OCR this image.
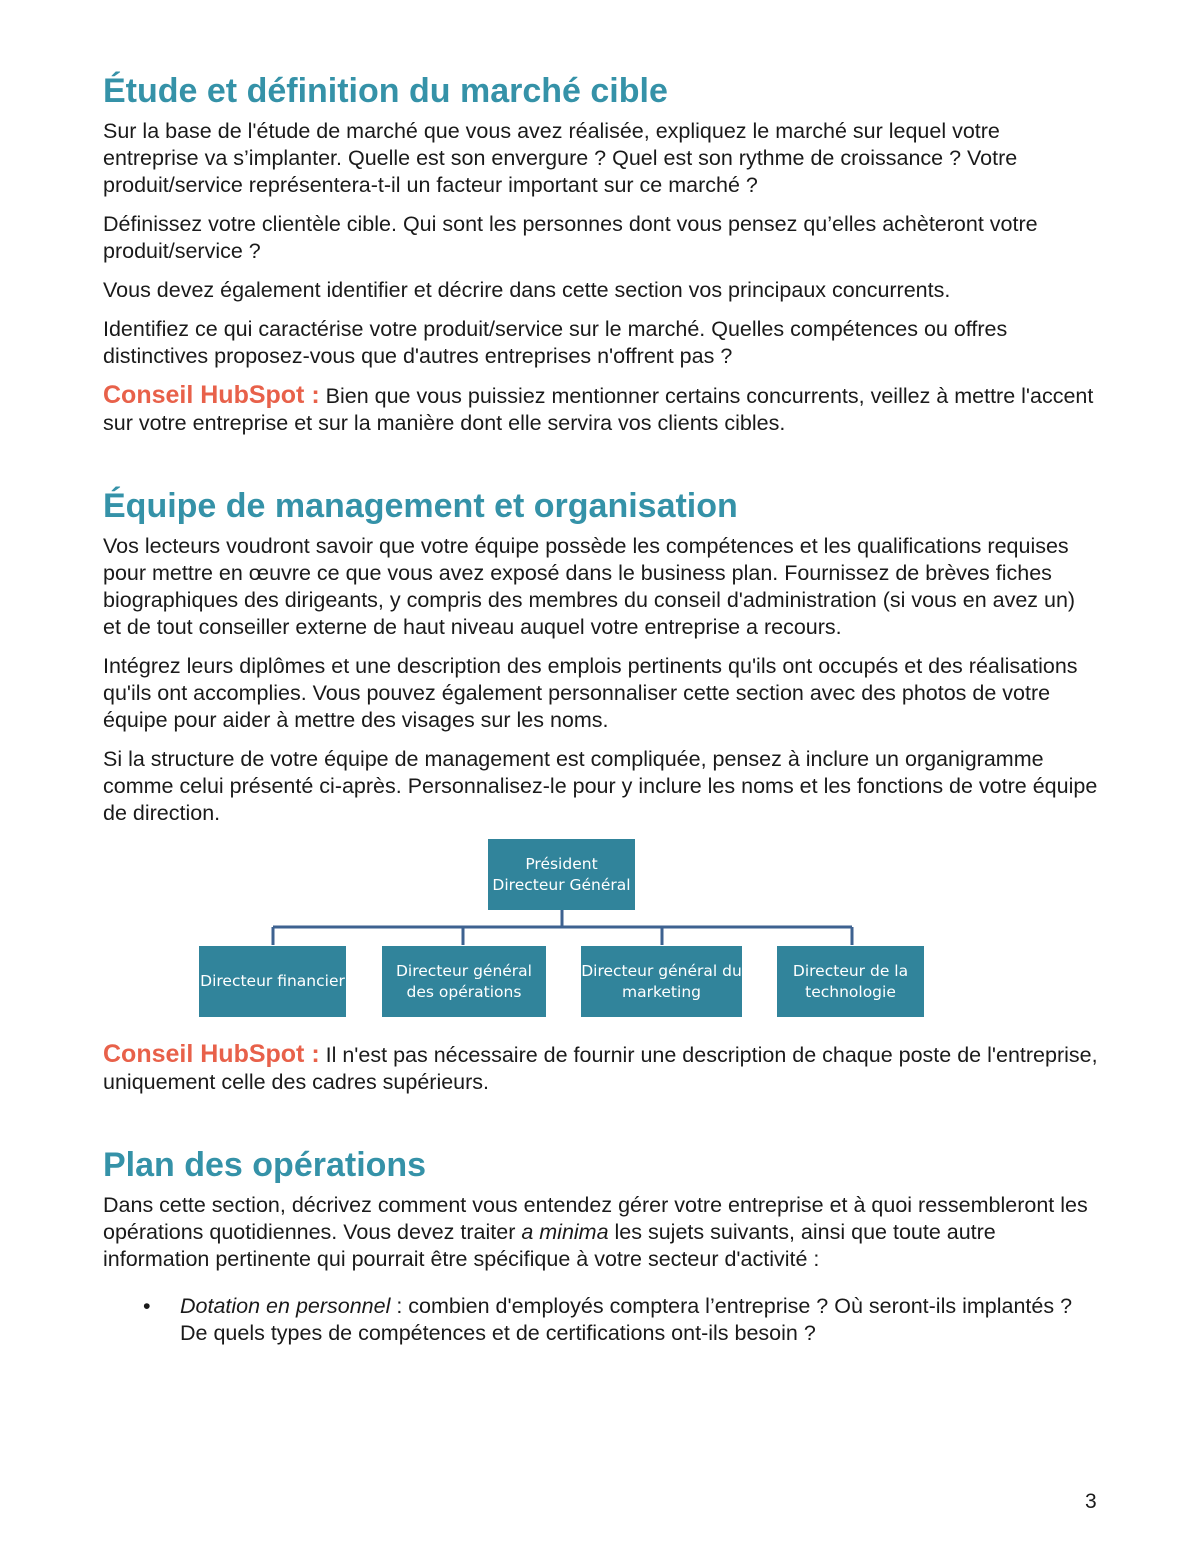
Étude et définition du marché cible

Sur la base de l'étude de marché que vous avez réalisée, expliquez le marché sur lequel votre entreprise va s’implanter. Quelle est son envergure ? Quel est son rythme de croissance ? Votre produit/service représentera-t-il un facteur important sur ce marché ?

Définissez votre clientèle cible. Qui sont les personnes dont vous pensez qu’elles achèteront votre produit/service ?

Vous devez également identifier et décrire dans cette section vos principaux concurrents.

Identifiez ce qui caractérise votre produit/service sur le marché. Quelles compétences ou offres distinctives proposez-vous que d'autres entreprises n'offrent pas ?

Conseil HubSpot : Bien que vous puissiez mentionner certains concurrents, veillez à mettre l'accent sur votre entreprise et sur la manière dont elle servira vos clients cibles.

Équipe de management et organisation

Vos lecteurs voudront savoir que votre équipe possède les compétences et les qualifications requises pour mettre en œuvre ce que vous avez exposé dans le business plan. Fournissez de brèves fiches biographiques des dirigeants, y compris des membres du conseil d'administration (si vous en avez un) et de tout conseiller externe de haut niveau auquel votre entreprise a recours.

Intégrez leurs diplômes et une description des emplois pertinents qu'ils ont occupés et des réalisations qu'ils ont accomplies. Vous pouvez également personnaliser cette section avec des photos de votre équipe pour aider à mettre des visages sur les noms.

Si la structure de votre équipe de management est compliquée, pensez à inclure un organigramme comme celui présenté ci-après. Personnalisez-le pour y inclure les noms et les fonctions de votre équipe de direction.

Président
Directeur Général
Directeur financier
Directeur général
des opérations
Directeur général du
marketing
Directeur de la
technologie

Conseil HubSpot : Il n'est pas nécessaire de fournir une description de chaque poste de l'entreprise, uniquement celle des cadres supérieurs.

Plan des opérations

Dans cette section, décrivez comment vous entendez gérer votre entreprise et à quoi ressembleront les opérations quotidiennes. Vous devez traiter a minima les sujets suivants, ainsi que toute autre information pertinente qui pourrait être spécifique à votre secteur d'activité :

• Dotation en personnel : combien d'employés comptera l’entreprise ? Où seront-ils implantés ? De quels types de compétences et de certifications ont-ils besoin ?
3
